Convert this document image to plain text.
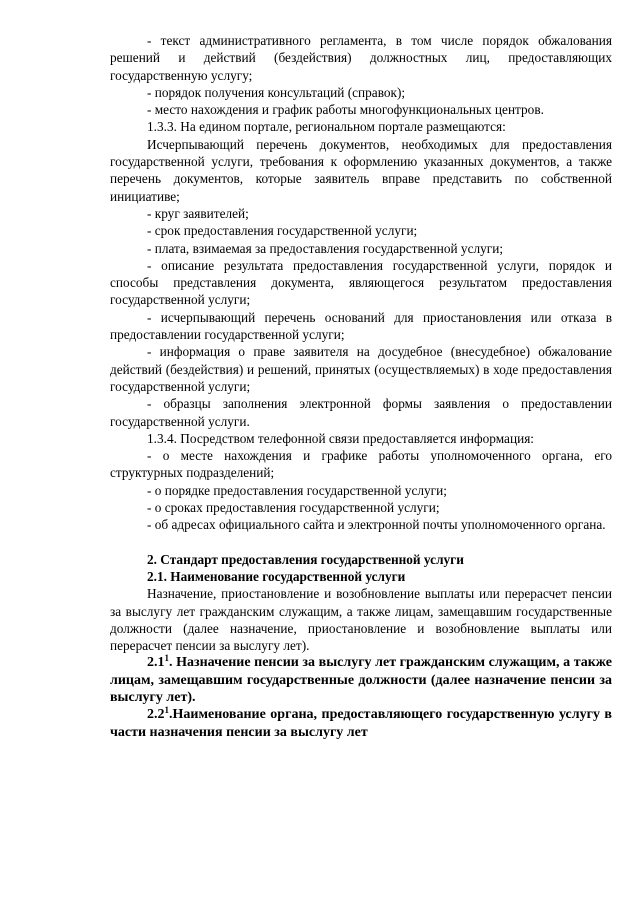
- текст административного регламента, в том числе порядок обжалования решений и действий (бездействия) должностных лиц, предоставляющих государственную услугу;

- порядок получения консультаций (справок);

- место нахождения и график работы многофункциональных центров.

1.3.3. На едином портале, региональном портале размещаются:

Исчерпывающий перечень документов, необходимых для предоставления государственной услуги, требования к оформлению указанных документов, а также перечень документов, которые заявитель вправе представить по собственной инициативе;

- круг заявителей;

- срок предоставления государственной услуги;

- плата, взимаемая за предоставления государственной услуги;

- описание результата предоставления государственной услуги, порядок и способы представления документа, являющегося результатом предоставления государственной услуги;

- исчерпывающий перечень оснований для приостановления или отказа в предоставлении государственной услуги;

- информация о праве заявителя на досудебное (внесудебное) обжалование действий (бездействия) и решений, принятых (осуществляемых) в ходе предоставления государственной услуги;

- образцы заполнения электронной формы заявления о предоставлении государственной услуги.

1.3.4. Посредством телефонной связи предоставляется информация:

- о месте нахождения и графике работы уполномоченного органа, его структурных подразделений;

- о порядке предоставления государственной услуги;

- о сроках предоставления государственной услуги;

- об адресах официального сайта и электронной почты уполномоченного органа.

2. Стандарт предоставления государственной услуги

2.1. Наименование государственной услуги

Назначение, приостановление и возобновление выплаты или перерасчет пенсии за выслугу лет гражданским служащим, а также лицам, замещавшим государственные должности (далее назначение, приостановление и возобновление выплаты или перерасчет пенсии за выслугу лет).

$2.1^1$. Назначение пенсии за выслугу лет гражданским служащим, а также лицам, замещавшим государственные должности (далее назначение пенсии за выслугу лет).

$2.2^1.Наименование$ органа, предоставляющего государственную услугу в части назначения пенсии за выслугу лет
